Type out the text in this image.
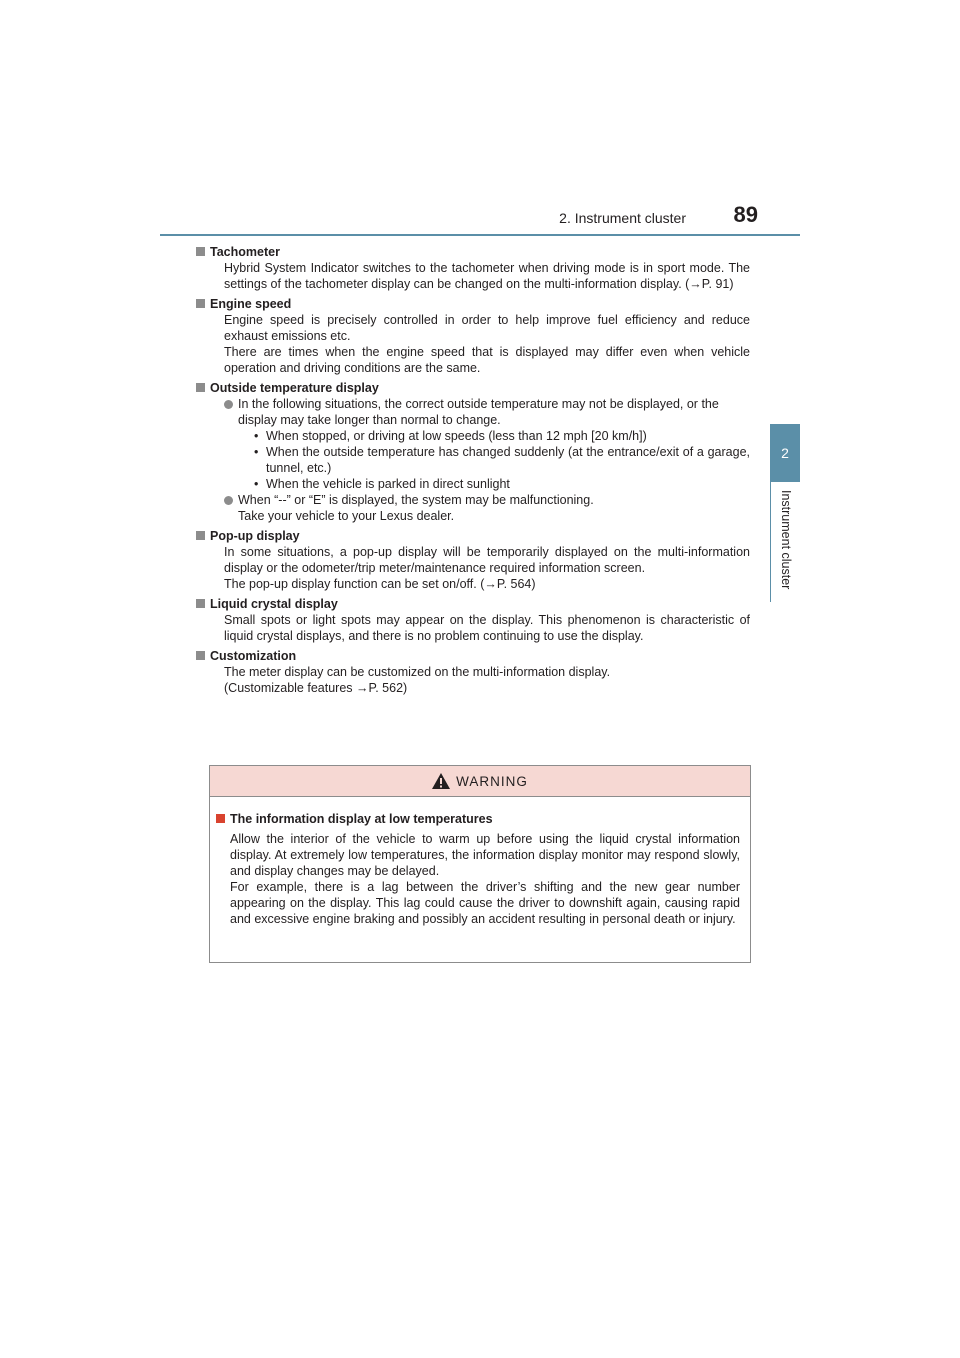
2. Instrument cluster 89
2
Instrument cluster
Tachometer
Hybrid System Indicator switches to the tachometer when driving mode is in sport mode. The settings of the tachometer display can be changed on the multi-information display. (→P. 91)
Engine speed
Engine speed is precisely controlled in order to help improve fuel efficiency and reduce exhaust emissions etc.
There are times when the engine speed that is displayed may differ even when vehicle operation and driving conditions are the same.
Outside temperature display
In the following situations, the correct outside temperature may not be displayed, or the display may take longer than normal to change.
• When stopped, or driving at low speeds (less than 12 mph [20 km/h])
• When the outside temperature has changed suddenly (at the entrance/exit of a garage, tunnel, etc.)
• When the vehicle is parked in direct sunlight
When “--” or “E” is displayed, the system may be malfunctioning.
Take your vehicle to your Lexus dealer.
Pop-up display
In some situations, a pop-up display will be temporarily displayed on the multi-information display or the odometer/trip meter/maintenance required information screen.
The pop-up display function can be set on/off. (→P. 564)
Liquid crystal display
Small spots or light spots may appear on the display. This phenomenon is characteristic of liquid crystal displays, and there is no problem continuing to use the display.
Customization
The meter display can be customized on the multi-information display.
(Customizable features →P. 562)
WARNING
The information display at low temperatures
Allow the interior of the vehicle to warm up before using the liquid crystal information display. At extremely low temperatures, the information display monitor may respond slowly, and display changes may be delayed.
For example, there is a lag between the driver’s shifting and the new gear number appearing on the display. This lag could cause the driver to downshift again, causing rapid and excessive engine braking and possibly an accident resulting in personal death or injury.
